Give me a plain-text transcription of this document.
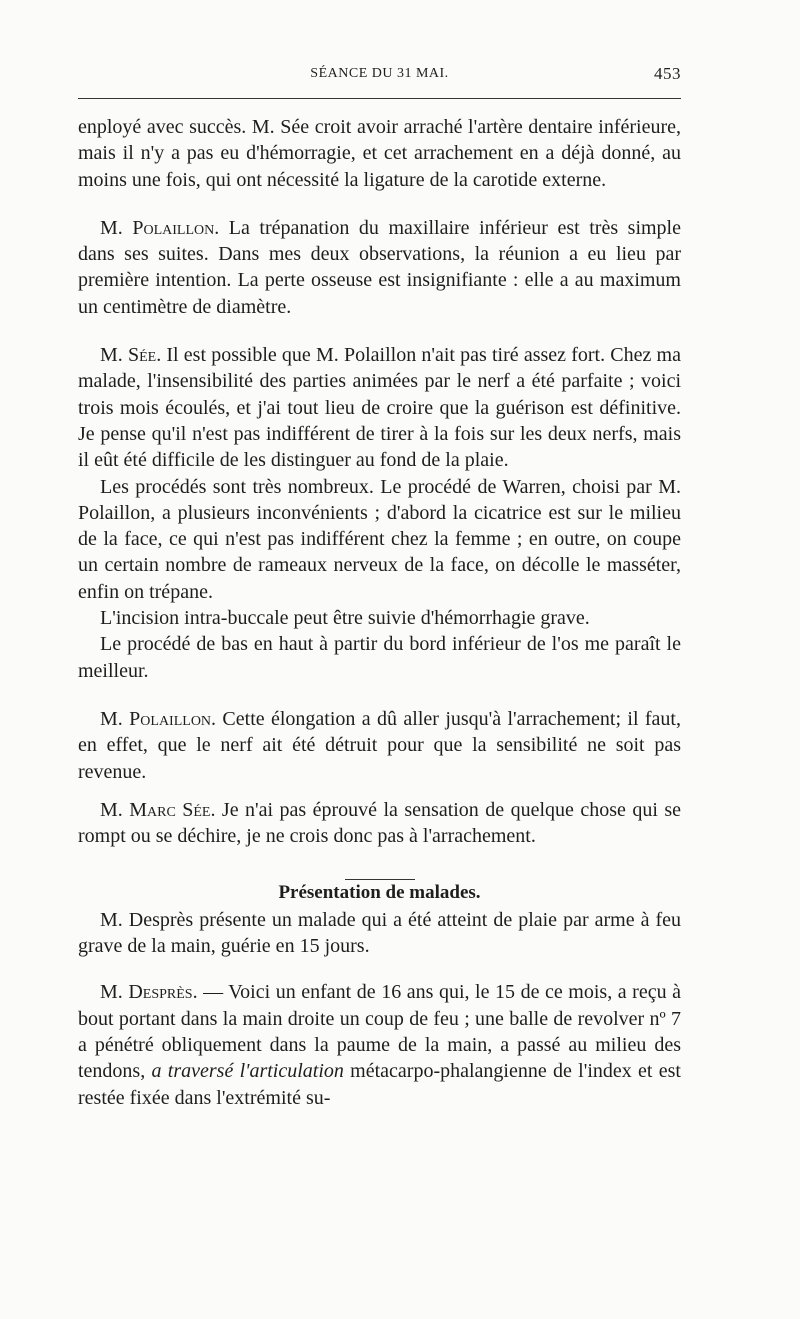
SÉANCE DU 31 MAI.	453

enployé avec succès. M. Sée croit avoir arraché l'artère dentaire inférieure, mais il n'y a pas eu d'hémorragie, et cet arrachement en a déjà donné, au moins une fois, qui ont nécessité la ligature de la carotide externe.

M. Polaillon. La trépanation du maxillaire inférieur est très simple dans ses suites. Dans mes deux observations, la réunion a eu lieu par première intention. La perte osseuse est insignifiante : elle a au maximum un centimètre de diamètre.

M. Sée. Il est possible que M. Polaillon n'ait pas tiré assez fort. Chez ma malade, l'insensibilité des parties animées par le nerf a été parfaite ; voici trois mois écoulés, et j'ai tout lieu de croire que la guérison est définitive. Je pense qu'il n'est pas indifférent de tirer à la fois sur les deux nerfs, mais il eût été difficile de les distinguer au fond de la plaie.

Les procédés sont très nombreux. Le procédé de Warren, choisi par M. Polaillon, a plusieurs inconvénients ; d'abord la cicatrice est sur le milieu de la face, ce qui n'est pas indifférent chez la femme ; en outre, on coupe un certain nombre de rameaux nerveux de la face, on décolle le masséter, enfin on trépane.

L'incision intra-buccale peut être suivie d'hémorrhagie grave.

Le procédé de bas en haut à partir du bord inférieur de l'os me paraît le meilleur.

M. Polaillon. Cette élongation a dû aller jusqu'à l'arrachement; il faut, en effet, que le nerf ait été détruit pour que la sensibilité ne soit pas revenue.

M. Marc Sée. Je n'ai pas éprouvé la sensation de quelque chose qui se rompt ou se déchire, je ne crois donc pas à l'arrachement.

Présentation de malades.

M. Desprès présente un malade qui a été atteint de plaie par arme à feu grave de la main, guérie en 15 jours.

M. Desprès. — Voici un enfant de 16 ans qui, le 15 de ce mois, a reçu à bout portant dans la main droite un coup de feu ; une balle de revolver nº 7 a pénétré obliquement dans la paume de la main, a passé au milieu des tendons, a traversé l'articulation métacarpo-phalangienne de l'index et est restée fixée dans l'extrémité su-
